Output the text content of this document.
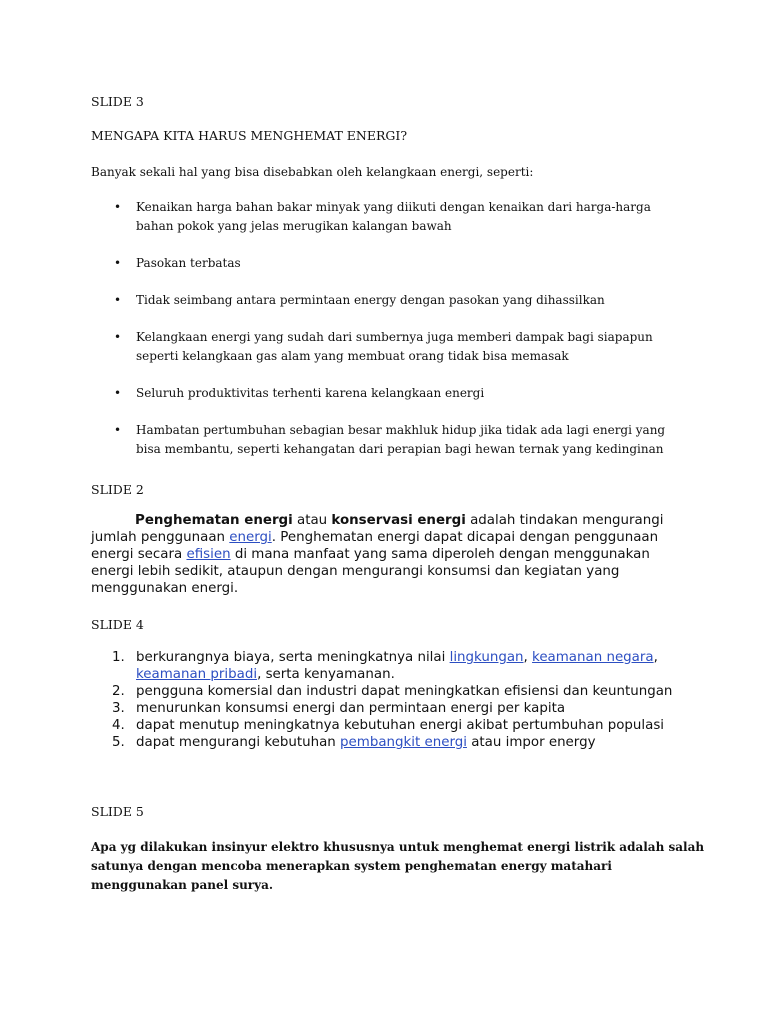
SLIDE 3
MENGAPA KITA HARUS MENGHEMAT ENERGI?
Banyak sekali hal yang bisa disebabkan oleh kelangkaan energi, seperti:
• Kenaikan harga bahan bakar minyak yang diikuti dengan kenaikan dari harga-harga
bahan pokok yang jelas merugikan kalangan bawah
• Pasokan terbatas
• Tidak seimbang antara permintaan energy dengan pasokan yang dihassilkan
• Kelangkaan energi yang sudah dari sumbernya juga memberi dampak bagi siapapun
seperti kelangkaan gas alam yang membuat orang tidak bisa memasak
• Seluruh produktivitas terhenti karena kelangkaan energi
• Hambatan pertumbuhan sebagian besar makhluk hidup jika tidak ada lagi energi yang
bisa membantu, seperti kehangatan dari perapian bagi hewan ternak yang kedinginan
SLIDE 2
Penghematan energi atau konservasi energi adalah tindakan mengurangi jumlah penggunaan energi. Penghematan energi dapat dicapai dengan penggunaan energi secara efisien di mana manfaat yang sama diperoleh dengan menggunakan energi lebih sedikit, ataupun dengan mengurangi konsumsi dan kegiatan yang menggunakan energi.
SLIDE 4
1. berkurangnya biaya, serta meningkatnya nilai lingkungan, keamanan negara, keamanan pribadi, serta kenyamanan.
2. pengguna komersial dan industri dapat meningkatkan efisiensi dan keuntungan
3. menurunkan konsumsi energi dan permintaan energi per kapita
4. dapat menutup meningkatnya kebutuhan energi akibat pertumbuhan populasi
5. dapat mengurangi kebutuhan pembangkit energi atau impor energy
SLIDE 5
Apa yg dilakukan insinyur elektro khususnya untuk menghemat energi listrik adalah salah satunya dengan mencoba menerapkan system penghematan energy matahari menggunakan panel surya.
